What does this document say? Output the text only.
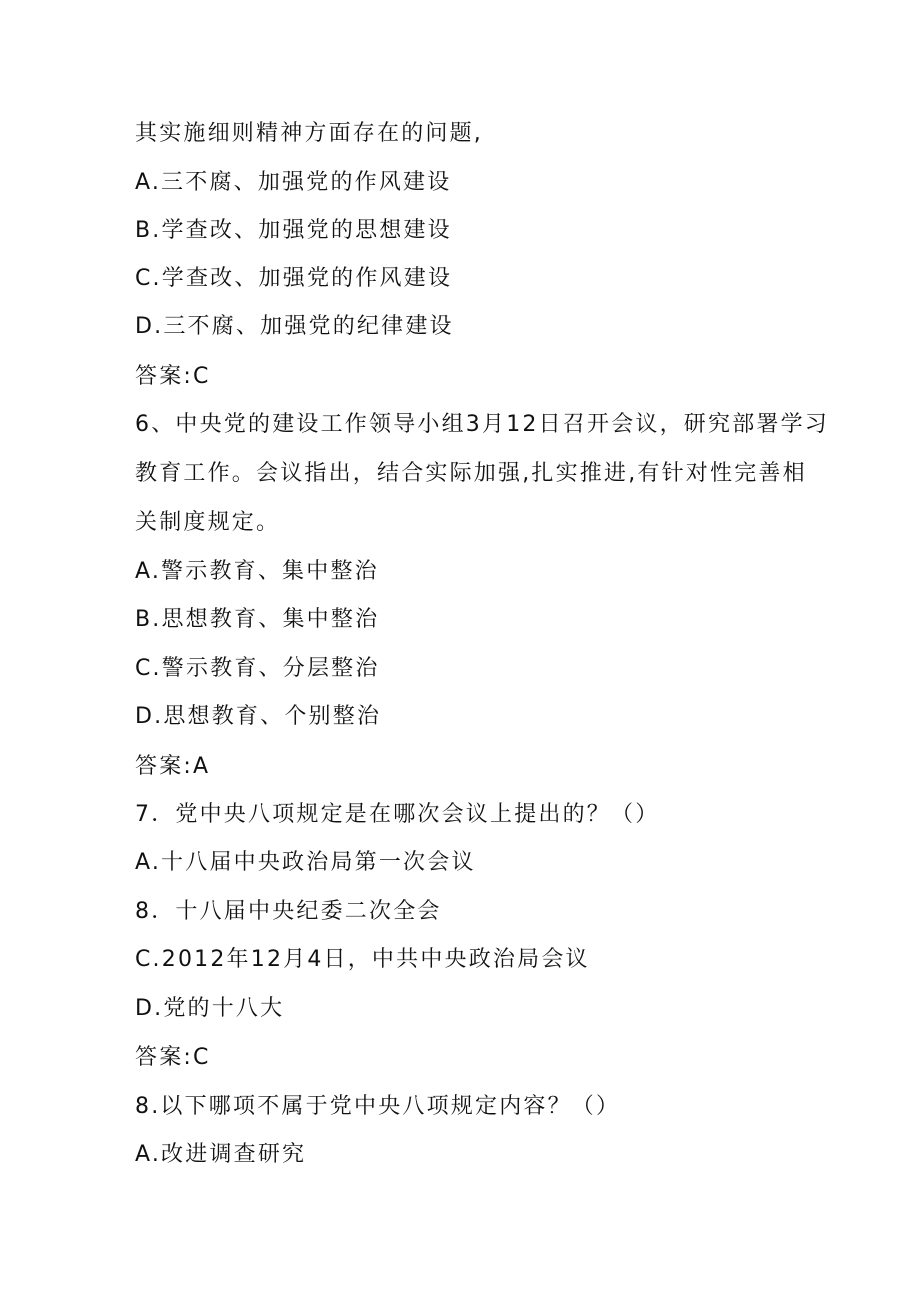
其实施细则精神方面存在的问题,

A.三不腐、加强党的作风建设

B.学查改、加强党的思想建设

C.学查改、加强党的作风建设

D.三不腐、加强党的纪律建设

答案:C

6、中央党的建设工作领导小组3月12日召开会议，研究部署学习

教育工作。会议指出，结合实际加强,扎实推进,有针对性完善相

关制度规定。

A.警示教育、集中整治

B.思想教育、集中整治

C.警示教育、分层整治

D.思想教育、个别整治

答案:A

7．党中央八项规定是在哪次会议上提出的？（）

A.十八届中央政治局第一次会议

8．十八届中央纪委二次全会

C.2012年12月4日，中共中央政治局会议

D.党的十八大

答案:C

8.以下哪项不属于党中央八项规定内容？（）

A.改进调查研究
